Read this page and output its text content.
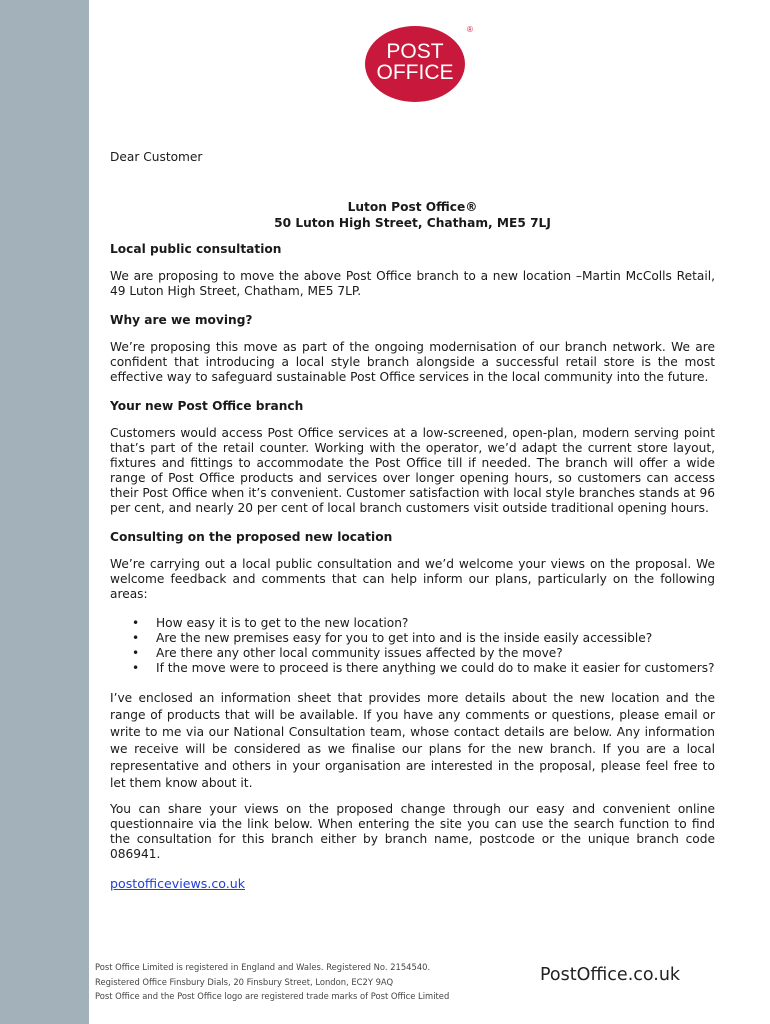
POST
OFFICE
®

Dear Customer

Luton Post Office®
50 Luton High Street, Chatham, ME5 7LJ

Local public consultation

We are proposing to move the above Post Office branch to a new location –Martin McColls Retail, 49 Luton High Street, Chatham, ME5 7LP.

Why are we moving?

We’re proposing this move as part of the ongoing modernisation of our branch network. We are confident that introducing a local style branch alongside a successful retail store is the most effective way to safeguard sustainable Post Office services in the local community into the future.

Your new Post Office branch

Customers would access Post Office services at a low-screened, open-plan, modern serving point that’s part of the retail counter. Working with the operator, we’d adapt the current store layout, fixtures and fittings to accommodate the Post Office till if needed. The branch will offer a wide range of Post Office products and services over longer opening hours, so customers can access their Post Office when it’s convenient. Customer satisfaction with local style branches stands at 96 per cent, and nearly 20 per cent of local branch customers visit outside traditional opening hours.

Consulting on the proposed new location

We’re carrying out a local public consultation and we’d welcome your views on the proposal. We welcome feedback and comments that can help inform our plans, particularly on the following areas:

• How easy it is to get to the new location?
• Are the new premises easy for you to get into and is the inside easily accessible?
• Are there any other local community issues affected by the move?
• If the move were to proceed is there anything we could do to make it easier for customers?

I’ve enclosed an information sheet that provides more details about the new location and the range of products that will be available. If you have any comments or questions, please email or write to me via our National Consultation team, whose contact details are below. Any information we receive will be considered as we finalise our plans for the new branch. If you are a local representative and others in your organisation are interested in the proposal, please feel free to let them know about it.

You can share your views on the proposed change through our easy and convenient online questionnaire via the link below. When entering the site you can use the search function to find the consultation for this branch either by branch name, postcode or the unique branch code 086941.

postofficeviews.co.uk
Post Office Limited is registered in England and Wales. Registered No. 2154540.
Registered Office Finsbury Dials, 20 Finsbury Street, London, EC2Y 9AQ
Post Office and the Post Office logo are registered trade marks of Post Office Limited
PostOffice.co.uk
